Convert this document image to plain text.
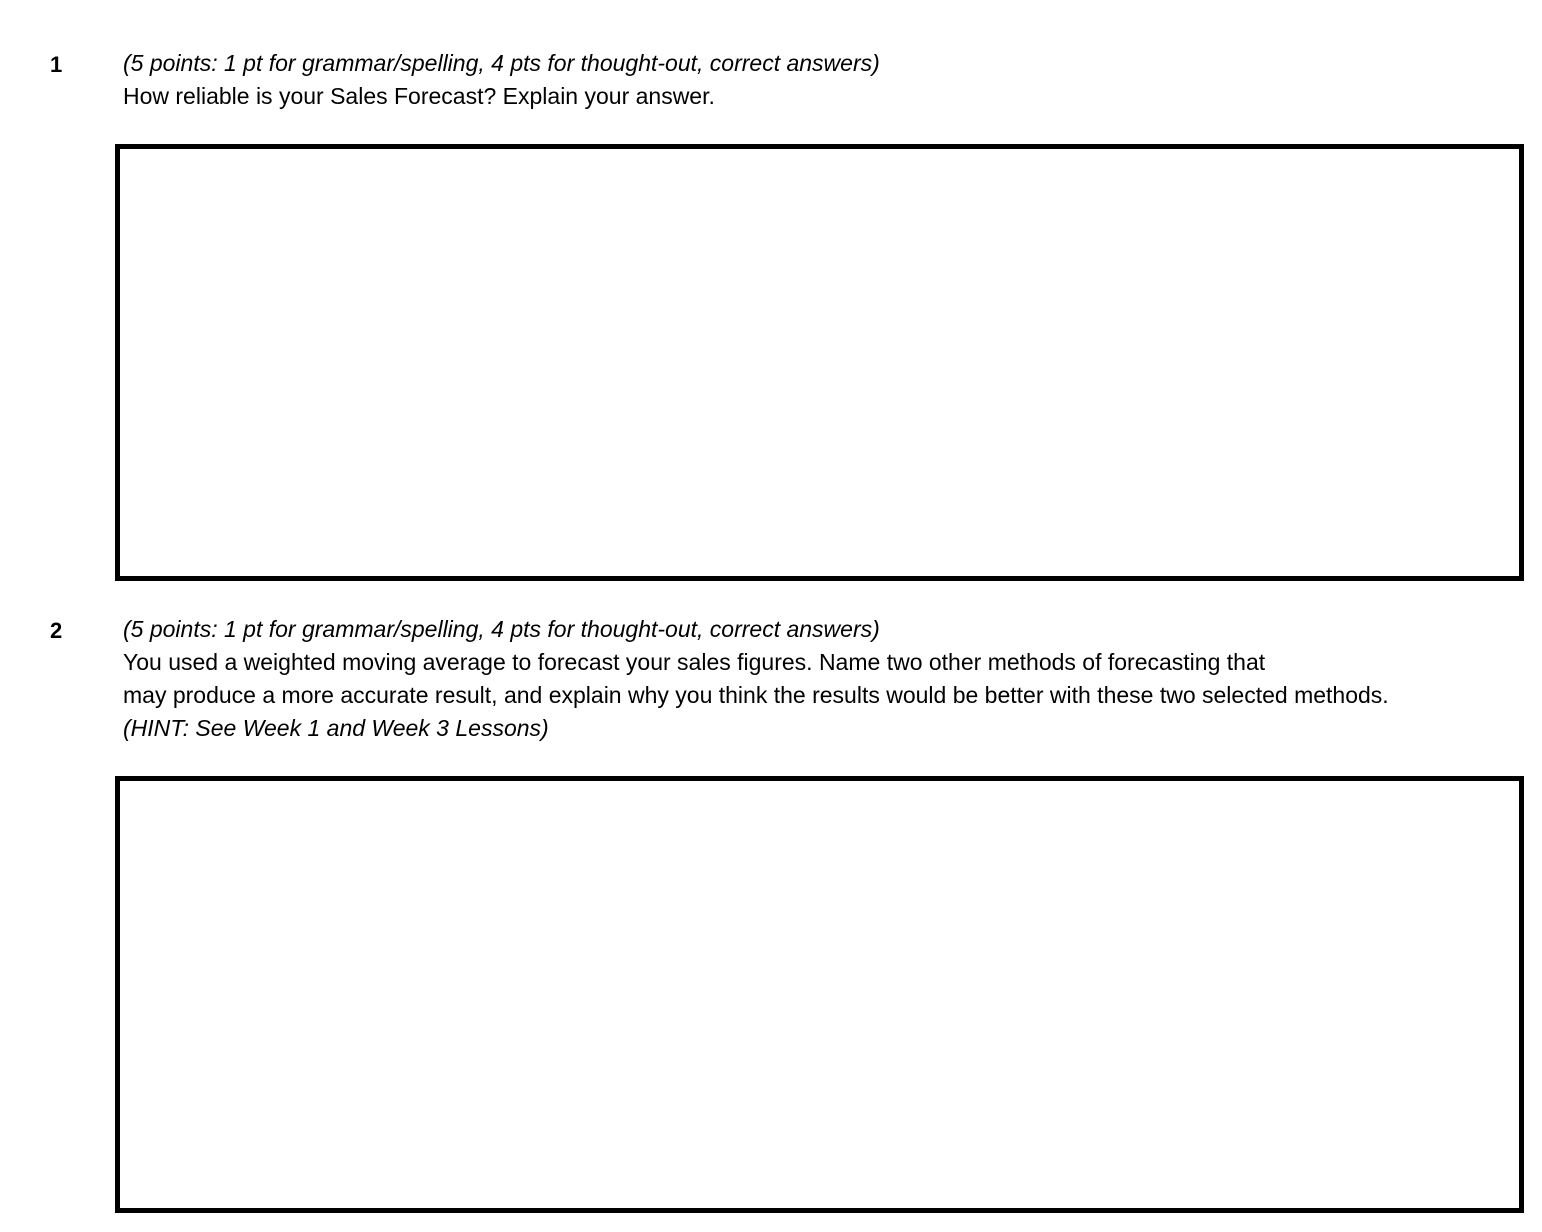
1	(5 points: 1 pt for grammar/spelling, 4 pts for thought-out, correct answers)
How reliable is your Sales Forecast? Explain your answer.
2	(5 points: 1 pt for grammar/spelling, 4 pts for thought-out, correct answers)
You used a weighted moving average to forecast your sales figures. Name two other methods of forecasting that
may produce a more accurate result, and explain why you think the results would be better with these two selected methods.
(HINT: See Week 1 and Week 3 Lessons)
